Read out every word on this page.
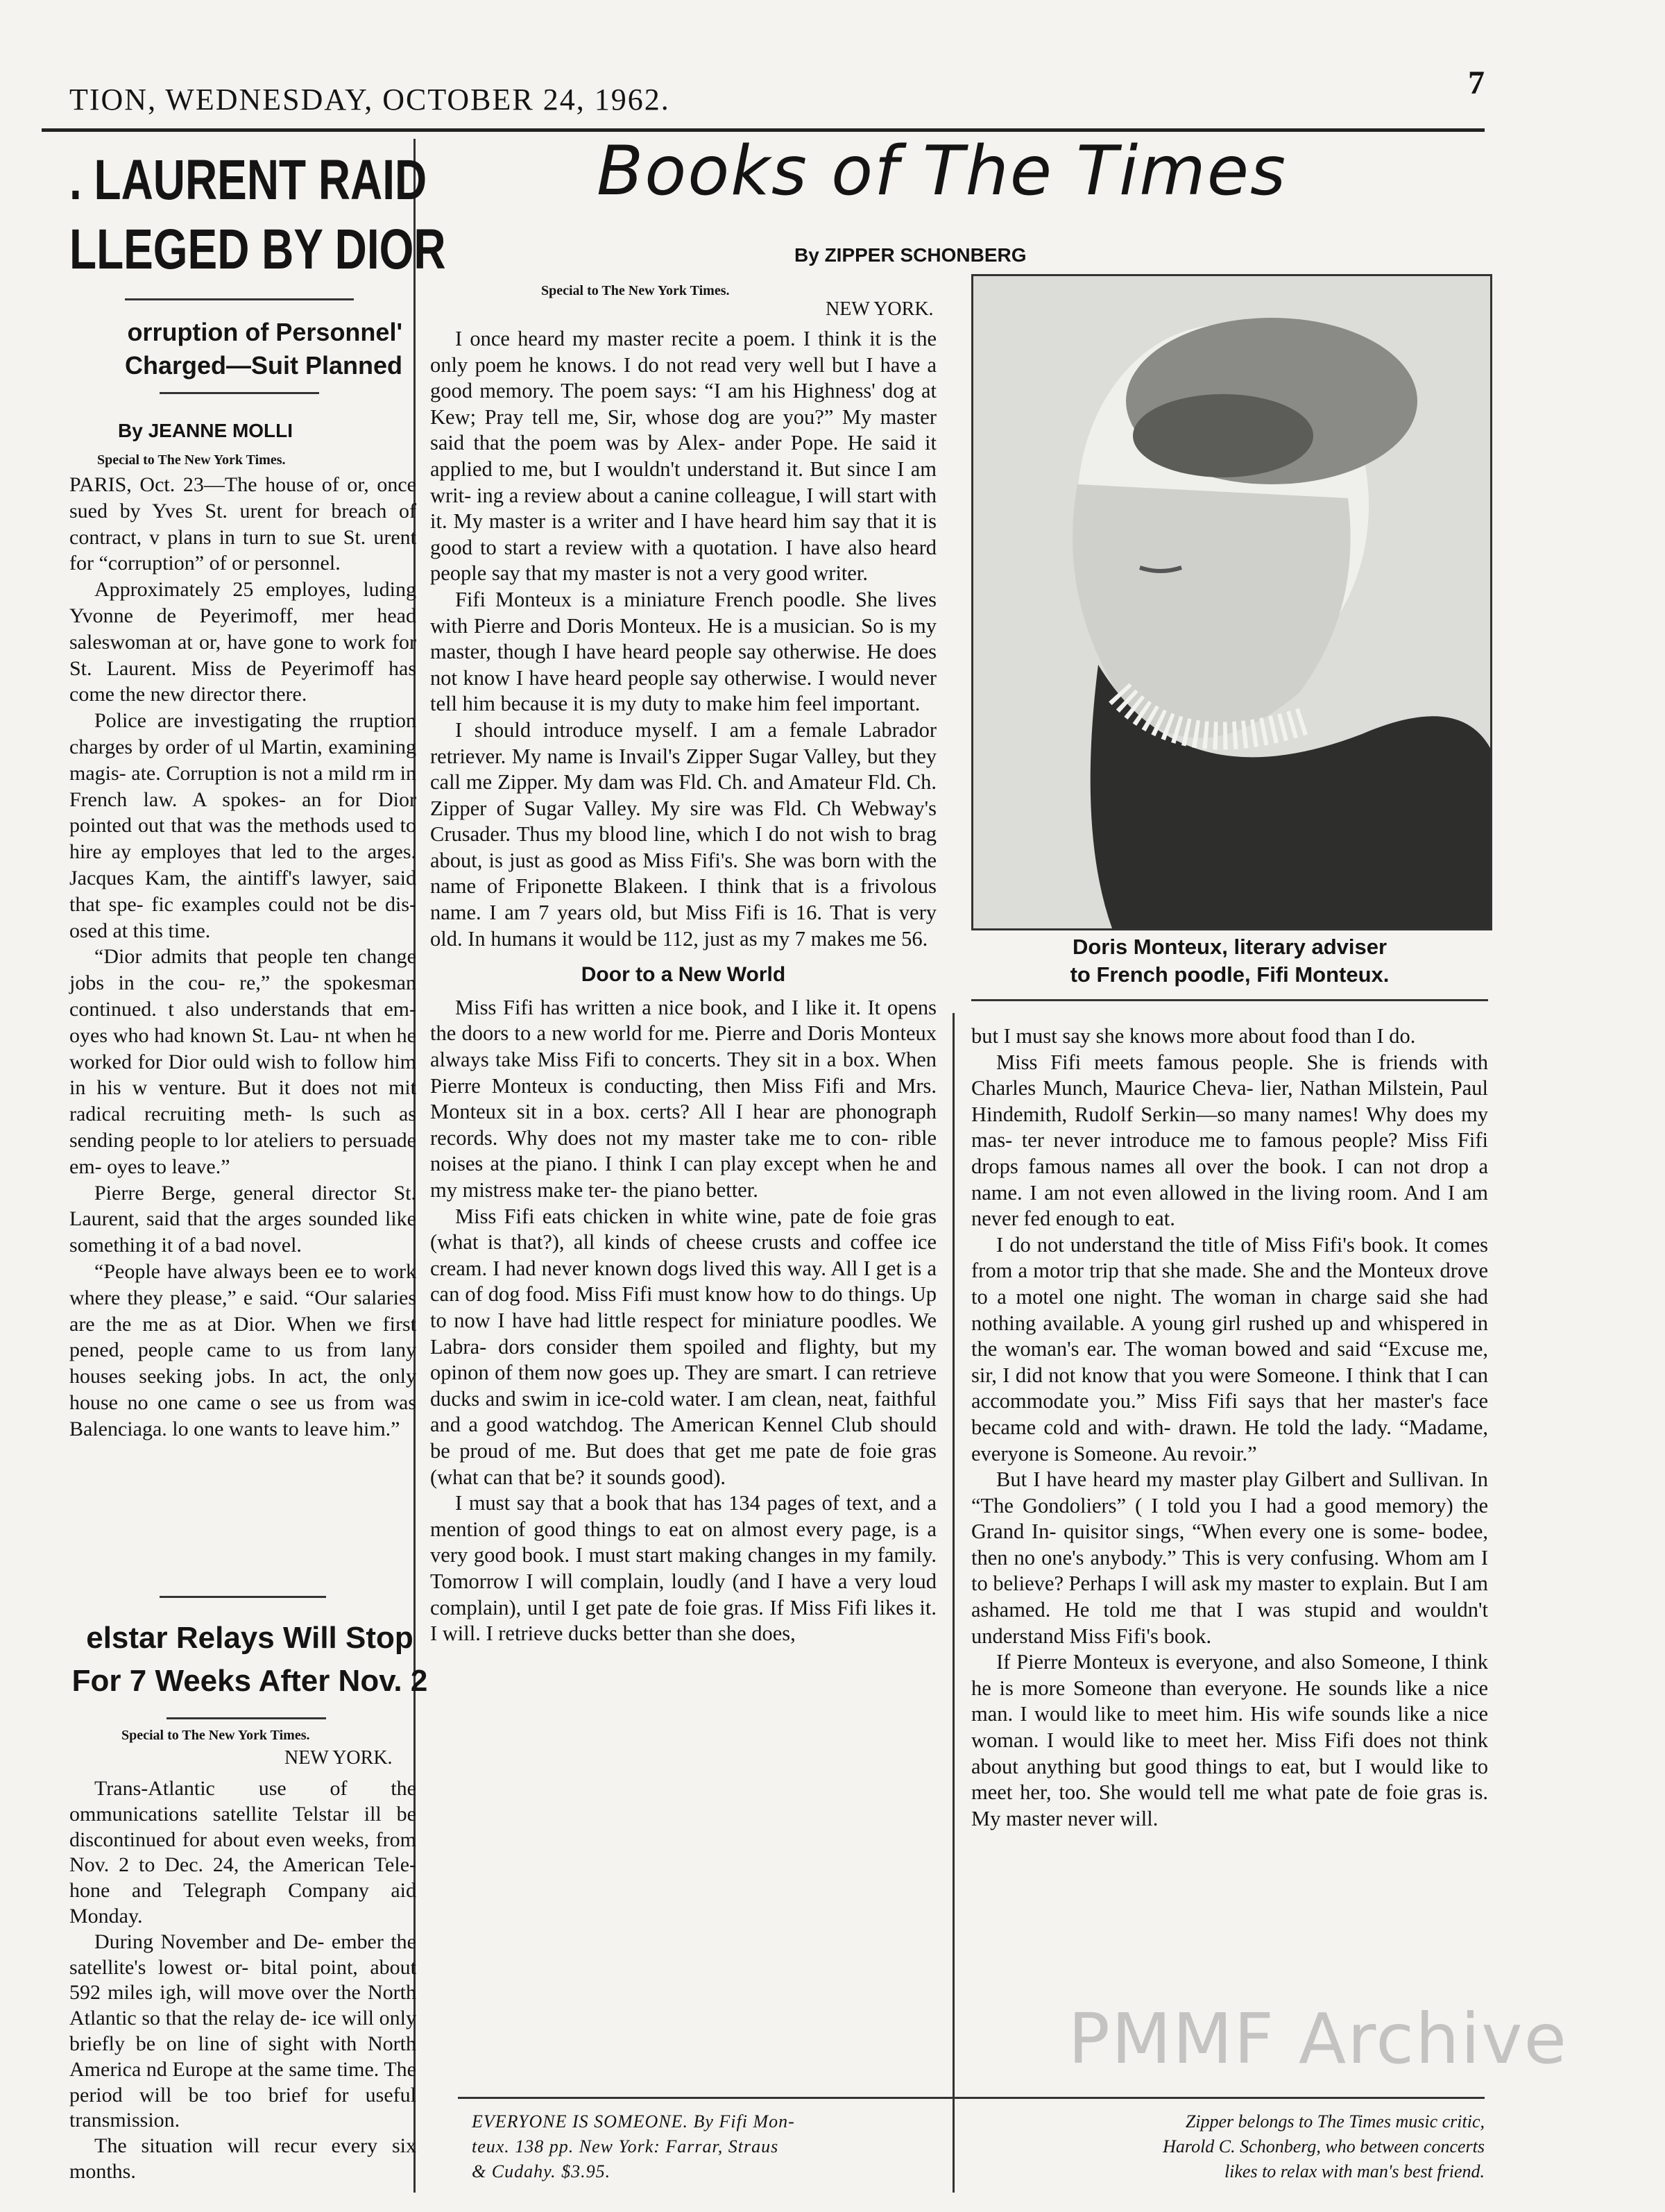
TION, WEDNESDAY, OCTOBER 24, 1962.	7
. LAURENT RAID
LLEGED BY DIOR
orruption of Personnel'
Charged—Suit Planned
By JEANNE MOLLI
Special to The New York Times.

PARIS, Oct. 23—The house of or, once sued by Yves St. urent for breach of contract, v plans in turn to sue St. urent for “corruption” of or personnel.

Approximately 25 employes, luding Yvonne de Peyerimoff, mer head saleswoman at or, have gone to work for St. Laurent. Miss de Peyerimoff has come the new director there.

Police are investigating the rruption charges by order of ul Martin, examining magis- ate. Corruption is not a mild rm in French law. A spokes- an for Dior pointed out that was the methods used to hire ay employes that led to the arges. Jacques Kam, the aintiff's lawyer, said that spe- fic examples could not be dis- osed at this time.

“Dior admits that people ten change jobs in the cou- re,” the spokesman continued. t also understands that em- oyes who had known St. Lau- nt when he worked for Dior ould wish to follow him in his w venture. But it does not mit radical recruiting meth- ls such as sending people to lor ateliers to persuade em- oyes to leave.”

Pierre Berge, general director St. Laurent, said that the arges sounded like something it of a bad novel.

“People have always been ee to work where they please,” e said. “Our salaries are the me as at Dior. When we first pened, people came to us from lany houses seeking jobs. In act, the only house no one came o see us from was Balenciaga. lo one wants to leave him.”

elstar Relays Will Stop
For 7 Weeks After Nov. 2
Special to The New York Times.
NEW YORK.

Trans-Atlantic use of the ommunications satellite Telstar ill be discontinued for about even weeks, from Nov. 2 to Dec. 24, the American Tele- hone and Telegraph Company aid Monday.

During November and De- ember the satellite's lowest or- bital point, about 592 miles igh, will move over the North Atlantic so that the relay de- ice will only briefly be on line of sight with North America nd Europe at the same time. The period will be too brief for useful transmission.

The situation will recur every six months.

Books of The Times
By ZIPPER SCHONBERG
Special to The New York Times.
NEW YORK.

I once heard my master recite a poem. I think it is the only poem he knows. I do not read very well but I have a good memory. The poem says: “I am his Highness' dog at Kew; Pray tell me, Sir, whose dog are you?” My master said that the poem was by Alex- ander Pope. He said it applied to me, but I wouldn't understand it. But since I am writ- ing a review about a canine colleague, I will start with it. My master is a writer and I have heard him say that it is good to start a review with a quotation. I have also heard people say that my master is not a very good writer.

Fifi Monteux is a miniature French poodle. She lives with Pierre and Doris Monteux. He is a musician. So is my master, though I have heard people say otherwise. He does not know I have heard people say otherwise. I would never tell him because it is my duty to make him feel important.

I should introduce myself. I am a female Labrador retriever. My name is Invail's Zipper Sugar Valley, but they call me Zipper. My dam was Fld. Ch. and Amateur Fld. Ch. Zipper of Sugar Valley. My sire was Fld. Ch Webway's Crusader. Thus my blood line, which I do not wish to brag about, is just as good as Miss Fifi's. She was born with the name of Friponette Blakeen. I think that is a frivolous name. I am 7 years old, but Miss Fifi is 16. That is very old. In humans it would be 112, just as my 7 makes me 56.

Door to a New World

Miss Fifi has written a nice book, and I like it. It opens the doors to a new world for me. Pierre and Doris Monteux always take Miss Fifi to concerts. They sit in a box. When Pierre Monteux is conducting, then Miss Fifi and Mrs. Monteux sit in a box. certs? All I hear are phonograph records. Why does not my master take me to con- rible noises at the piano. I think I can play except when he and my mistress make ter- the piano better.

Miss Fifi eats chicken in white wine, pate de foie gras (what is that?), all kinds of cheese crusts and coffee ice cream. I had never known dogs lived this way. All I get is a can of dog food. Miss Fifi must know how to do things. Up to now I have had little respect for miniature poodles. We Labra- dors consider them spoiled and flighty, but my opinon of them now goes up. They are smart. I can retrieve ducks and swim in ice-cold water. I am clean, neat, faithful and a good watchdog. The American Kennel Club should be proud of me. But does that get me pate de foie gras (what can that be? it sounds good).

I must say that a book that has 134 pages of text, and a mention of good things to eat on almost every page, is a very good book. I must start making changes in my family. Tomorrow I will complain, loudly (and I have a very loud complain), until I get pate de foie gras. If Miss Fifi likes it. I will. I retrieve ducks better than she does,

Doris Monteux, literary adviser
to French poodle, Fifi Monteux.

but I must say she knows more about food than I do.

Miss Fifi meets famous people. She is friends with Charles Munch, Maurice Cheva- lier, Nathan Milstein, Paul Hindemith, Rudolf Serkin—so many names! Why does my mas- ter never introduce me to famous people? Miss Fifi drops famous names all over the book. I can not drop a name. I am not even allowed in the living room. And I am never fed enough to eat.

I do not understand the title of Miss Fifi's book. It comes from a motor trip that she made. She and the Monteux drove to a motel one night. The woman in charge said she had nothing available. A young girl rushed up and whispered in the woman's ear. The woman bowed and said “Excuse me, sir, I did not know that you were Someone. I think that I can accommodate you.” Miss Fifi says that her master's face became cold and with- drawn. He told the lady. “Madame, everyone is Someone. Au revoir.”

But I have heard my master play Gilbert and Sullivan. In “The Gondoliers” ( I told you I had a good memory) the Grand In- quisitor sings, “When every one is some- bodee, then no one's anybody.” This is very confusing. Whom am I to believe? Perhaps I will ask my master to explain. But I am ashamed. He told me that I was stupid and wouldn't understand Miss Fifi's book.

If Pierre Monteux is everyone, and also Someone, I think he is more Someone than everyone. He sounds like a nice man. I would like to meet him. His wife sounds like a nice woman. I would like to meet her. Miss Fifi does not think about anything but good things to eat, but I would like to meet her, too. She would tell me what pate de foie gras is. My master never will.

EVERYONE IS SOMEONE. By Fifi Mon-
teux. 138 pp. New York: Farrar, Straus
& Cudahy. $3.95.
Zipper belongs to The Times music critic,
Harold C. Schonberg, who between concerts
likes to relax with man's best friend.
PMMF Archive
